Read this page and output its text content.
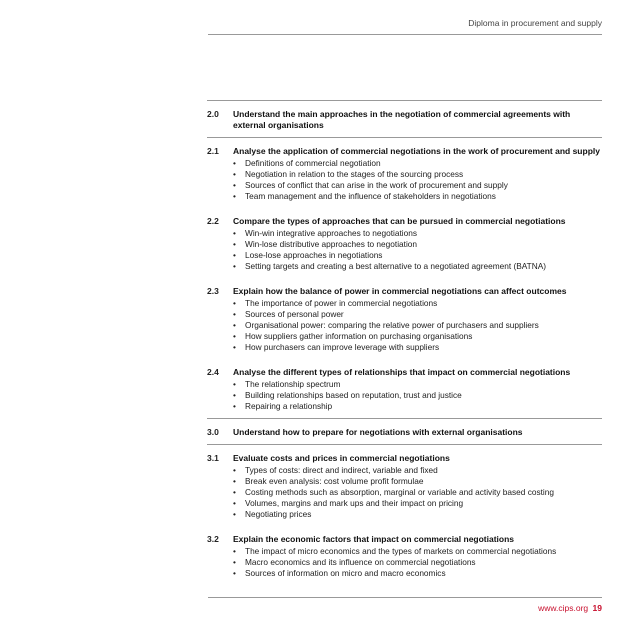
Diploma in procurement and supply
2.0	Understand the main approaches in the negotiation of commercial agreements with external organisations
2.1	Analyse the application of commercial negotiations in the work of procurement and supply
• Definitions of commercial negotiation
• Negotiation in relation to the stages of the sourcing process
• Sources of conflict that can arise in the work of procurement and supply
• Team management and the influence of stakeholders in negotiations
2.2	Compare the types of approaches that can be pursued in commercial negotiations
• Win-win integrative approaches to negotiations
• Win-lose distributive approaches to negotiation
• Lose-lose approaches in negotiations
• Setting targets and creating a best alternative to a negotiated agreement (BATNA)
2.3	Explain how the balance of power in commercial negotiations can affect outcomes
• The importance of power in commercial negotiations
• Sources of personal power
• Organisational power: comparing the relative power of purchasers and suppliers
• How suppliers gather information on purchasing organisations
• How purchasers can improve leverage with suppliers
2.4	Analyse the different types of relationships that impact on commercial negotiations
• The relationship spectrum
• Building relationships based on reputation, trust and justice
• Repairing a relationship
3.0	Understand how to prepare for negotiations with external organisations
3.1	Evaluate costs and prices in commercial negotiations
• Types of costs: direct and indirect, variable and fixed
• Break even analysis: cost volume profit formulae
• Costing methods such as absorption, marginal or variable and activity based costing
• Volumes, margins and mark ups and their impact on pricing
• Negotiating prices
3.2	Explain the economic factors that impact on commercial negotiations
• The impact of micro economics and the types of markets on commercial negotiations
• Macro economics and its influence on commercial negotiations
• Sources of information on micro and macro economics
www.cips.org 19
